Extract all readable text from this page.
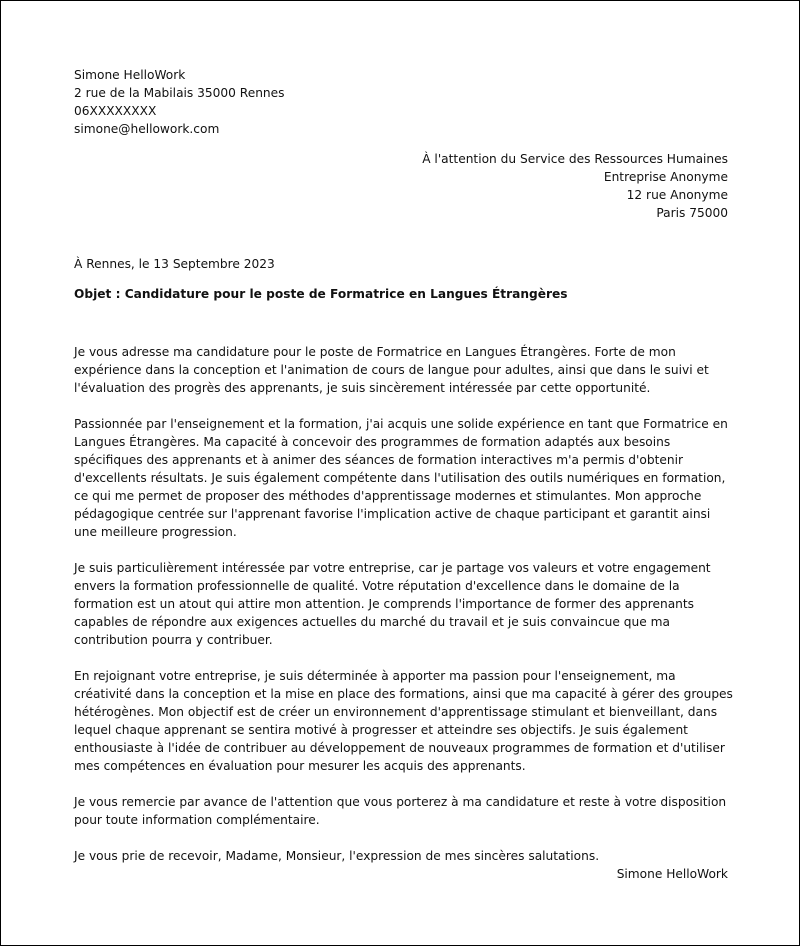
Simone HelloWork
2 rue de la Mabilais 35000 Rennes
06XXXXXXXX
simone@hellowork.com
À l'attention du Service des Ressources Humaines
Entreprise Anonyme
12 rue Anonyme
Paris 75000
À Rennes, le 13 Septembre 2023
Objet : Candidature pour le poste de Formatrice en Langues Étrangères

Je vous adresse ma candidature pour le poste de Formatrice en Langues Étrangères. Forte de mon expérience dans la conception et l'animation de cours de langue pour adultes, ainsi que dans le suivi et l'évaluation des progrès des apprenants, je suis sincèrement intéressée par cette opportunité.

Passionnée par l'enseignement et la formation, j'ai acquis une solide expérience en tant que Formatrice en Langues Étrangères. Ma capacité à concevoir des programmes de formation adaptés aux besoins spécifiques des apprenants et à animer des séances de formation interactives m'a permis d'obtenir d'excellents résultats. Je suis également compétente dans l'utilisation des outils numériques en formation, ce qui me permet de proposer des méthodes d'apprentissage modernes et stimulantes. Mon approche pédagogique centrée sur l'apprenant favorise l'implication active de chaque participant et garantit ainsi une meilleure progression.

Je suis particulièrement intéressée par votre entreprise, car je partage vos valeurs et votre engagement envers la formation professionnelle de qualité. Votre réputation d'excellence dans le domaine de la formation est un atout qui attire mon attention. Je comprends l'importance de former des apprenants capables de répondre aux exigences actuelles du marché du travail et je suis convaincue que ma contribution pourra y contribuer.

En rejoignant votre entreprise, je suis déterminée à apporter ma passion pour l'enseignement, ma créativité dans la conception et la mise en place des formations, ainsi que ma capacité à gérer des groupes hétérogènes. Mon objectif est de créer un environnement d'apprentissage stimulant et bienveillant, dans lequel chaque apprenant se sentira motivé à progresser et atteindre ses objectifs. Je suis également enthousiaste à l'idée de contribuer au développement de nouveaux programmes de formation et d'utiliser mes compétences en évaluation pour mesurer les acquis des apprenants.

Je vous remercie par avance de l'attention que vous porterez à ma candidature et reste à votre disposition pour toute information complémentaire.

Je vous prie de recevoir, Madame, Monsieur, l'expression de mes sincères salutations.

Simone HelloWork
